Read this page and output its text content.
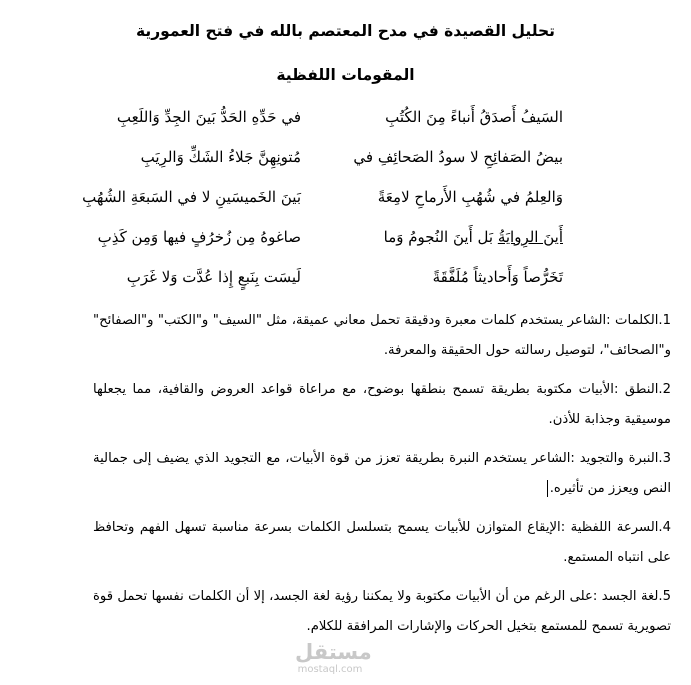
تحليل القصيدة في مدح المعتصم بالله في فتح العمورية
المقومات اللفظية
السَيفُ أَصدَقُ أَنباءً مِنَ الكُتُبِ
في حَدِّهِ الحَدُّ بَينَ الجِدِّ وَاللَعِبِ
بيضُ الصَفائِحِ لا سودُ الصَحائِفِ في
مُتونِهِنَّ جَلاءُ الشَكِّ وَالرِيَبِ
وَالعِلمُ في شُهُبِ الأَرماحِ لامِعَةً
بَينَ الخَميسَينِ لا في السَبعَةِ الشُهُبِ
أَينَ الرِوايَةُ بَل أَينَ النُجومُ وَما
صاغوهُ مِن زُخرُفٍ فيها وَمِن كَذِبِ
تَخَرُّصاً وَأَحاديثاً مُلَفَّقَةً
لَيسَت بِنَبعٍ إِذا عُدَّت وَلا غَرَبِ

1.الكلمات :الشاعر يستخدم كلمات معبرة ودقيقة تحمل معاني عميقة، مثل "السيف" و"الكتب" و"الصفائح" و"الصحائف"، لتوصيل رسالته حول الحقيقة والمعرفة.

2.النطق :الأبيات مكتوبة بطريقة تسمح بنطقها بوضوح، مع مراعاة قواعد العروض والقافية، مما يجعلها موسيقية وجذابة للأذن.

3.النبرة والتجويد :الشاعر يستخدم النبرة بطريقة تعزز من قوة الأبيات، مع التجويد الذي يضيف إلى جمالية النص ويعزز من تأثيره.

4.السرعة اللفظية :الإيقاع المتوازن للأبيات يسمح بتسلسل الكلمات بسرعة مناسبة تسهل الفهم وتحافظ على انتباه المستمع.

5.لغة الجسد :على الرغم من أن الأبيات مكتوبة ولا يمكننا رؤية لغة الجسد، إلا أن الكلمات نفسها تحمل قوة تصويرية تسمح للمستمع بتخيل الحركات والإشارات المرافقة للكلام.

مستقل
mostaql.com
